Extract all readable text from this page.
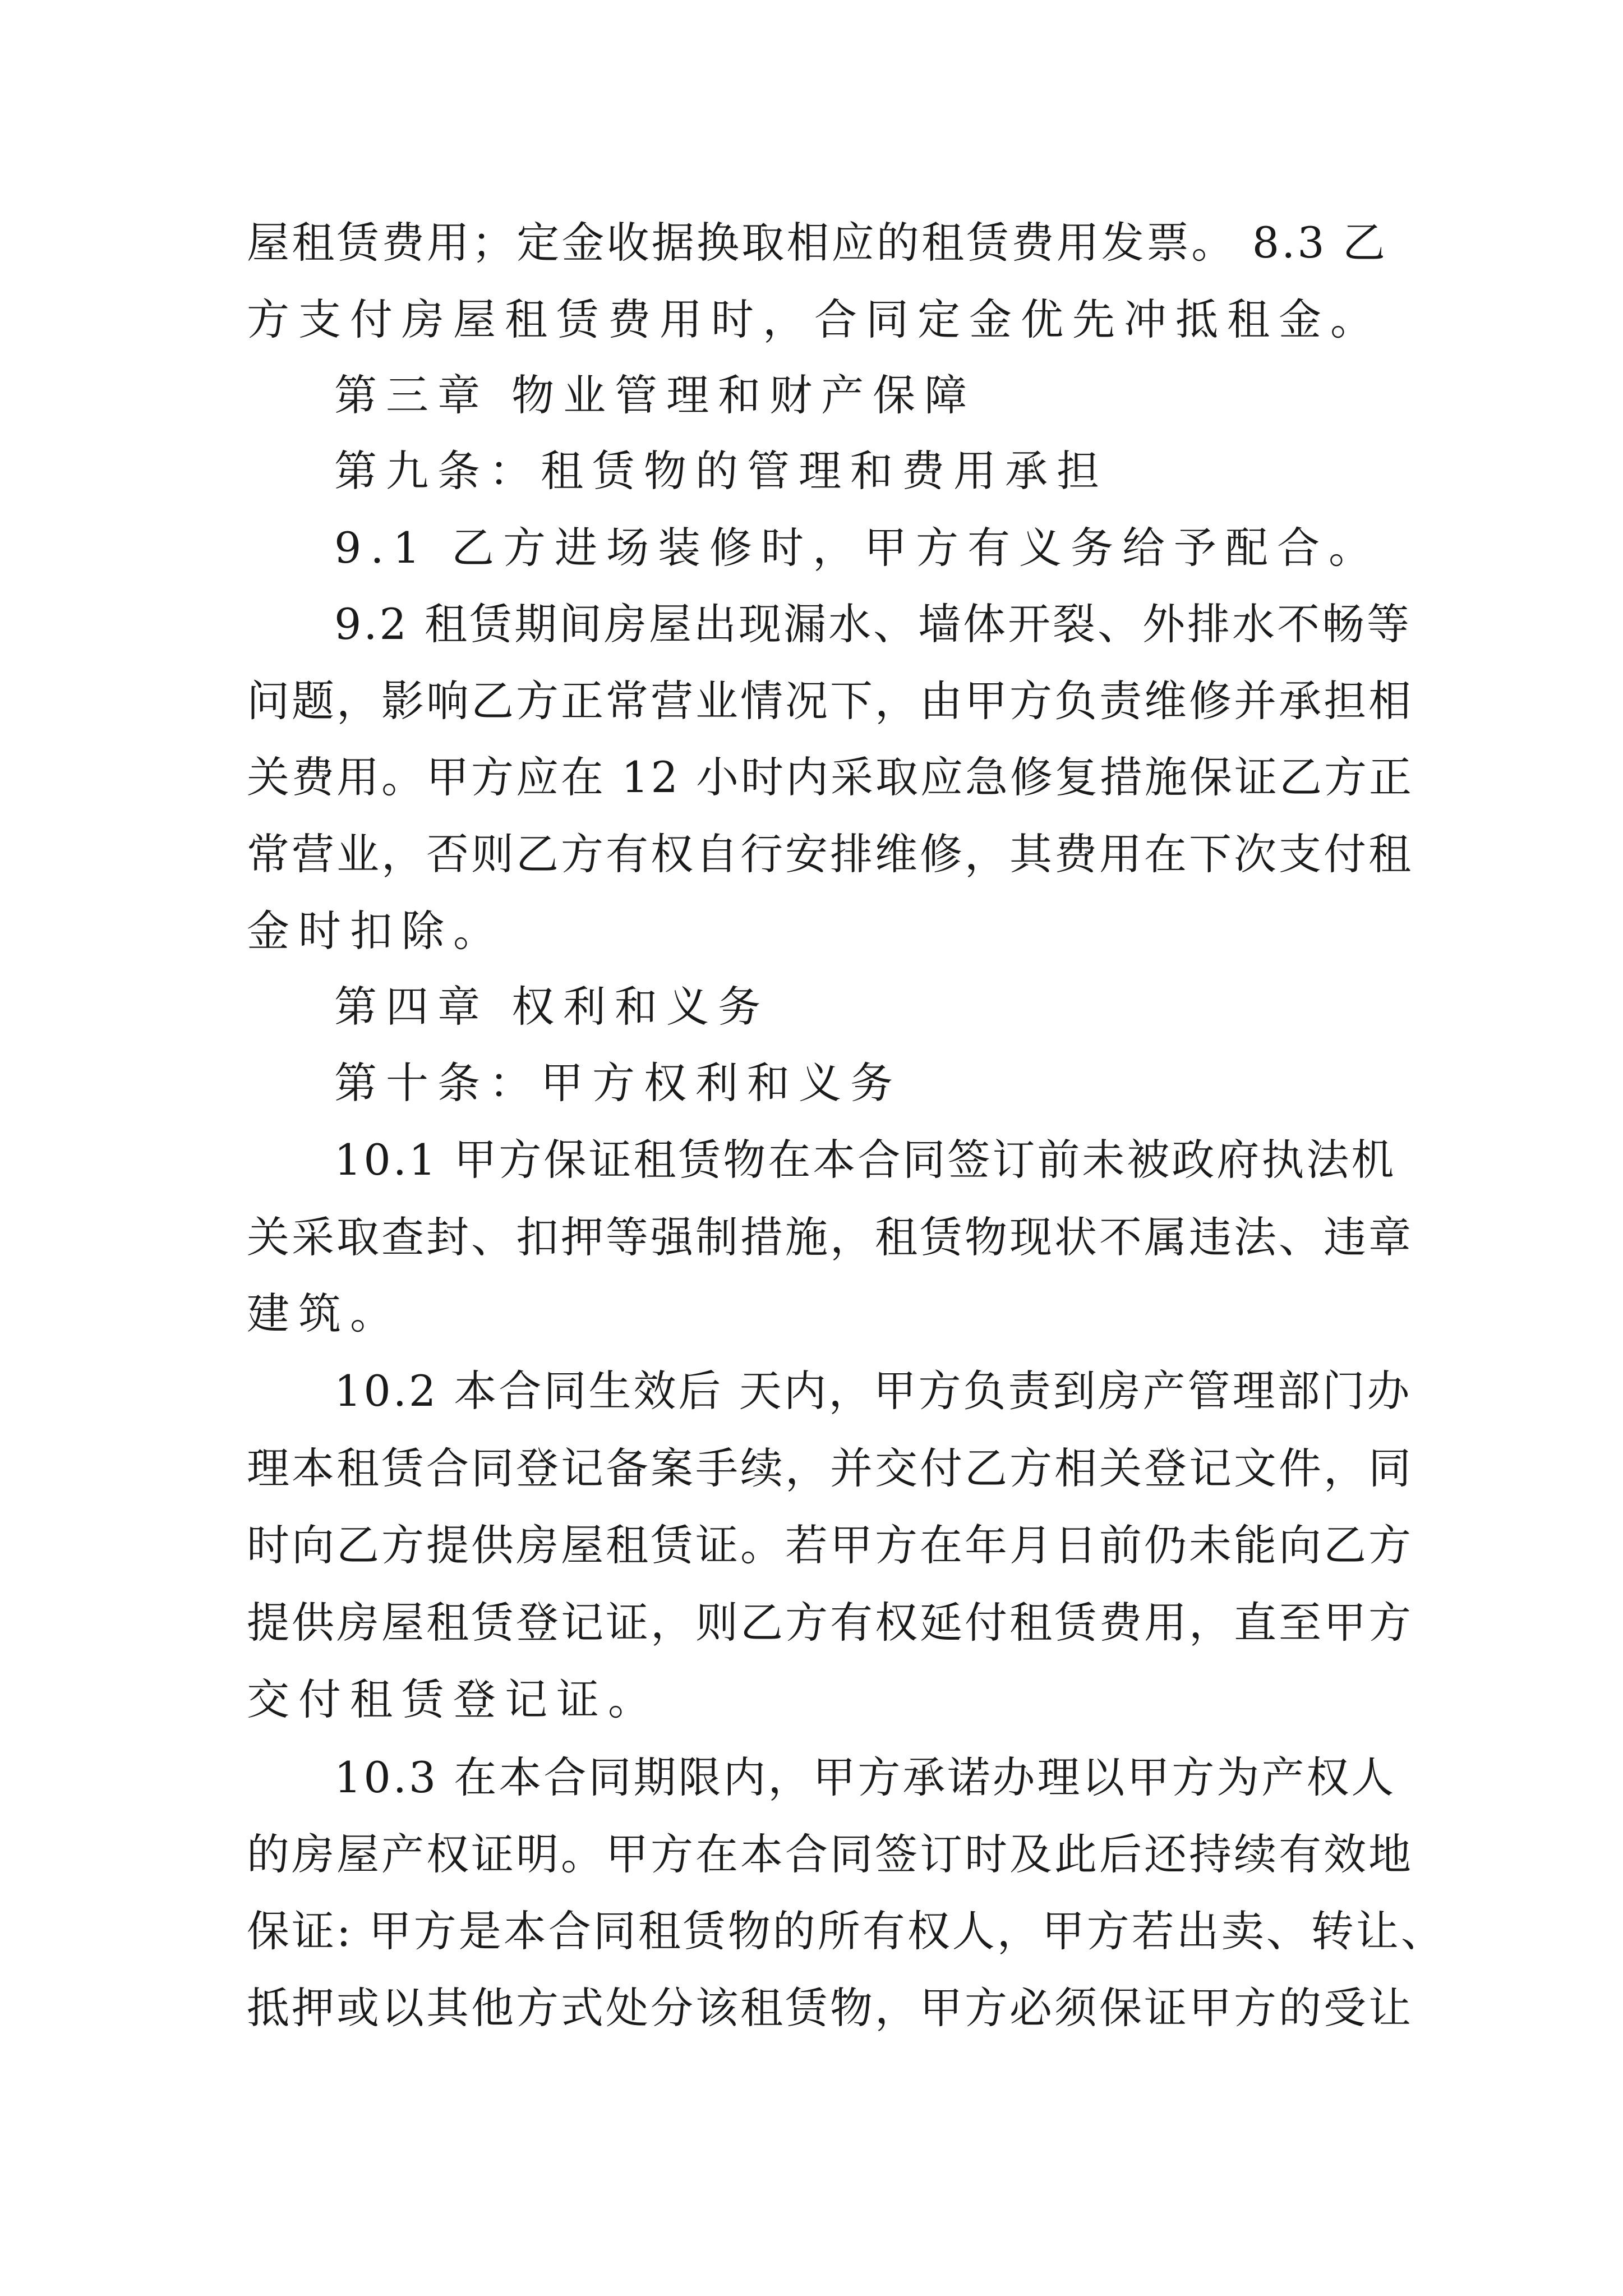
屋租赁费用；定金收据换取相应的租赁费用发票。 8.3 乙

方支付房屋租赁费用时，合同定金优先冲抵租金。

第三章 物业管理和财产保障

第九条：租赁物的管理和费用承担

9.1 乙方进场装修时，甲方有义务给予配合。

9.2 租赁期间房屋出现漏水、墙体开裂、外排水不畅等

问题，影响乙方正常营业情况下，由甲方负责维修并承担相

关费用。甲方应在 12 小时内采取应急修复措施保证乙方正

常营业，否则乙方有权自行安排维修，其费用在下次支付租

金时扣除。

第四章 权利和义务

第十条：甲方权利和义务

10.1 甲方保证租赁物在本合同签订前未被政府执法机

关采取查封、扣押等强制措施，租赁物现状不属违法、违章

建筑。

10.2 本合同生效后 天内，甲方负责到房产管理部门办

理本租赁合同登记备案手续，并交付乙方相关登记文件，同

时向乙方提供房屋租赁证。若甲方在年月日前仍未能向乙方

提供房屋租赁登记证，则乙方有权延付租赁费用，直至甲方

交付租赁登记证。

10.3 在本合同期限内，甲方承诺办理以甲方为产权人

的房屋产权证明。甲方在本合同签订时及此后还持续有效地

保证: 甲方是本合同租赁物的所有权人，甲方若出卖、转让、

抵押或以其他方式处分该租赁物，甲方必须保证甲方的受让
